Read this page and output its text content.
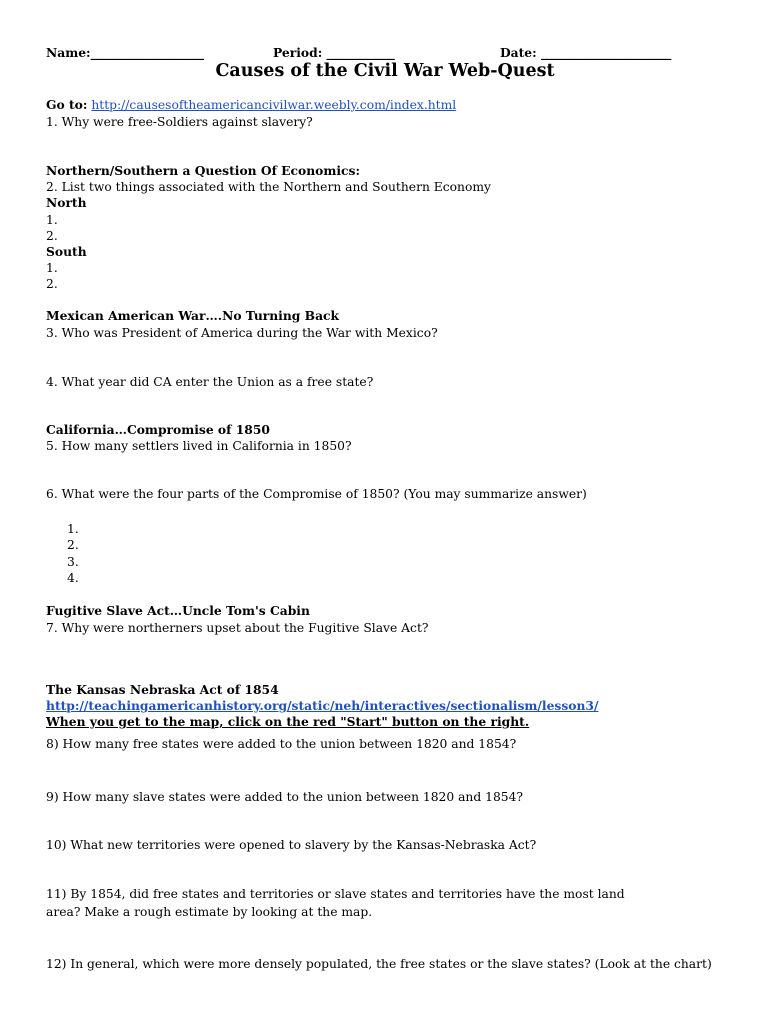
Name:____________________	Period: ____________	Date: _______________________
Causes of the Civil War Web-Quest
Go to: http://causesoftheamericancivilwar.weebly.com/index.html
1. Why were free-Soldiers against slavery?
Northern/Southern a Question Of Economics:
2. List two things associated with the Northern and Southern Economy
North
1.
2.
South
1.
2.
Mexican American War….No Turning Back
3. Who was President of America during the War with Mexico?
4. What year did CA enter the Union as a free state?
California…Compromise of 1850
5. How many settlers lived in California in 1850?
6. What were the four parts of the Compromise of 1850? (You may summarize answer)
1.
2.
3.
4.
Fugitive Slave Act…Uncle Tom's Cabin
7. Why were northerners upset about the Fugitive Slave Act?
The Kansas Nebraska Act of 1854
http://teachingamericanhistory.org/static/neh/interactives/sectionalism/lesson3/
When you get to the map, click on the red "Start" button on the right.
8) How many free states were added to the union between 1820 and 1854?
9) How many slave states were added to the union between 1820 and 1854?
10) What new territories were opened to slavery by the Kansas-Nebraska Act?
11) By 1854, did free states and territories or slave states and territories have the most land
area? Make a rough estimate by looking at the map.
12) In general, which were more densely populated, the free states or the slave states? (Look at the chart)
